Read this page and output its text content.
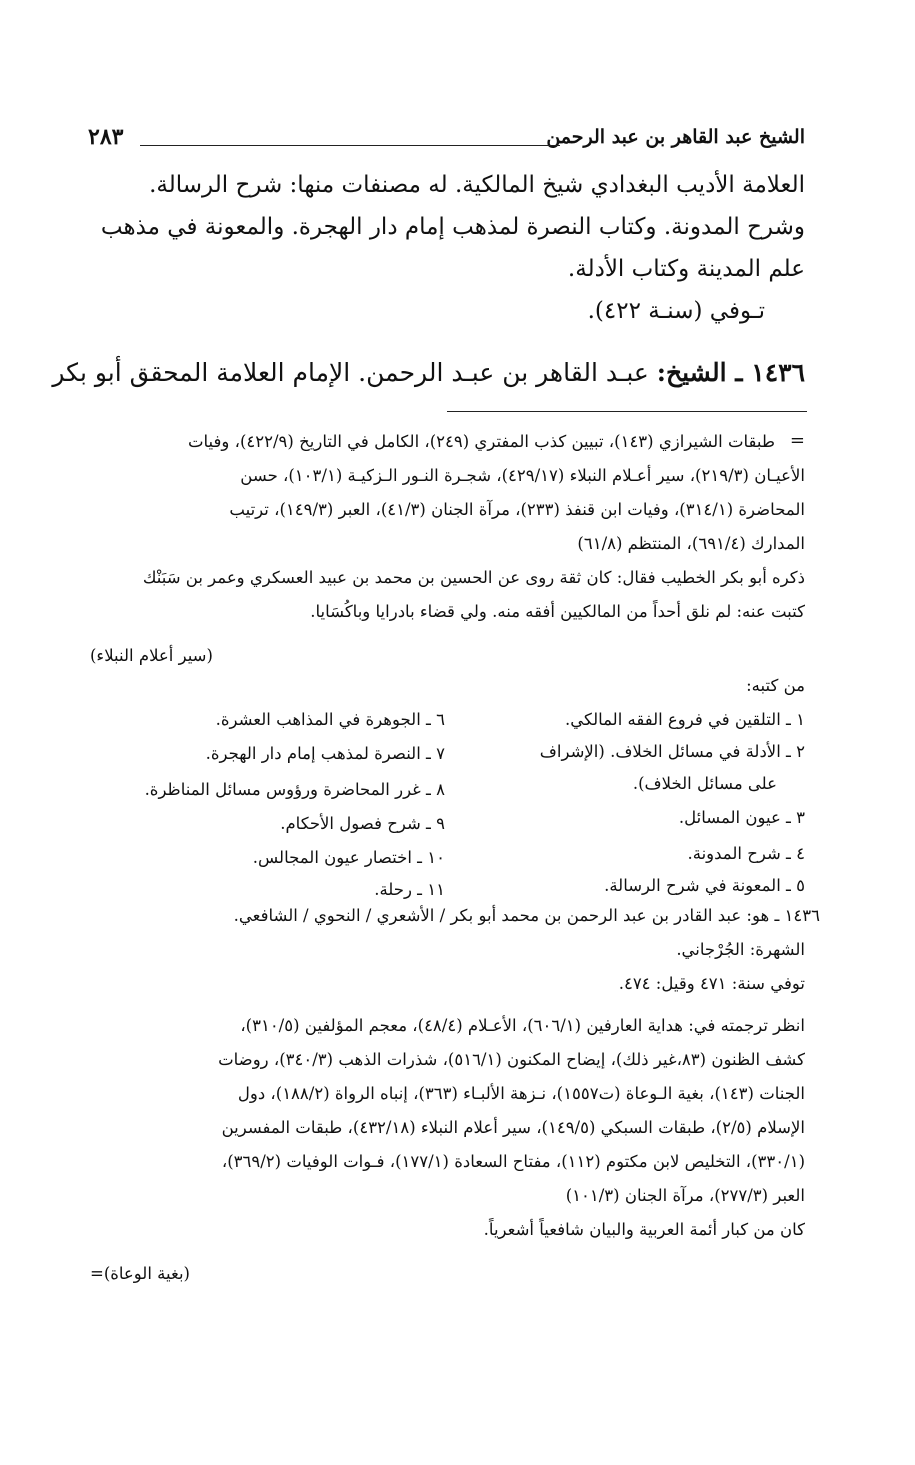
الشيخ عبد القاهر بن عبد الرحمن
٢٨٣
العلامة الأديب البغدادي شيخ المالكية. له مصنفات منها: شرح الرسالة.
وشرح المدونة. وكتاب النصرة لمذهب إمام دار الهجرة. والمعونة في مذهب
علم المدينة وكتاب الأدلة.
تـوفي (سنـة ٤٢٢).
١٤٣٦ ـ الشيخ: عبـد القاهر بن عبـد الرحمن. الإمام العلامة المحقق أبو بكر
=
طبقات الشيرازي (١٤٣)، تبيين كذب المفتري (٢٤٩)، الكامل في التاريخ (٤٢٢/٩)، وفيات
الأعيـان (٢١٩/٣)، سير أعـلام النبلاء (٤٢٩/١٧)، شجـرة النـور الـزكيـة (١٠٣/١)، حسن
المحاضرة (٣١٤/١)، وفيات ابن قنفذ (٢٣٣)، مرآة الجنان (٤١/٣)، العبر (١٤٩/٣)، ترتيب
المدارك (٦٩١/٤)، المنتظم (٦١/٨)
ذكره أبو بكر الخطيب فقال: كان ثقة روى عن الحسين بن محمد بن عبيد العسكري وعمر بن سَبَنْك
كتبت عنه: لم نلق أحداً من المالكيين أفقه منه. ولي قضاء بادرايا وباكُسَايا.
(سير أعلام النبلاء)
من كتبه:
١ ـ التلقين في فروع الفقه المالكي.
٢ ـ الأدلة في مسائل الخلاف. (الإشراف
على مسائل الخلاف).
٣ ـ عيون المسائل.
٤ ـ شرح المدونة.
٥ ـ المعونة في شرح الرسالة.
٦ ـ الجوهرة في المذاهب العشرة.
٧ ـ النصرة لمذهب إمام دار الهجرة.
٨ ـ غرر المحاضرة ورؤوس مسائل المناظرة.
٩ ـ شرح فصول الأحكام.
١٠ ـ اختصار عيون المجالس.
١١ ـ رحلة.
١٤٣٦ ـ هو: عبد القادر بن عبد الرحمن بن محمد أبو بكر / الأشعري / النحوي / الشافعي.
الشهرة: الجُرْجاني.
توفي سنة: ٤٧١ وقيل: ٤٧٤.
انظر ترجمته في: هداية العارفين (٦٠٦/١)، الأعـلام (٤٨/٤)، معجم المؤلفين (٣١٠/٥)،
كشف الظنون (٨٣،غير ذلك)، إيضاح المكنون (٥١٦/١)، شذرات الذهب (٣٤٠/٣)، روضات
الجنات (١٤٣)، بغية الـوعاة (ت١٥٥٧)، نـزهة الألبـاء (٣٦٣)، إنباه الرواة (١٨٨/٢)، دول
الإسلام (٢/٥)، طبقات السبكي (١٤٩/٥)، سير أعلام النبلاء (٤٣٢/١٨)، طبقات المفسرين
(٣٣٠/١)، التخليص لابن مكتوم (١١٢)، مفتاح السعادة (١٧٧/١)، فـوات الوفيات (٣٦٩/٢)،
العبر (٢٧٧/٣)، مرآة الجنان (١٠١/٣)
كان من كبار أئمة العربية والبيان شافعياً أشعرياً.
(بغية الوعاة)=
